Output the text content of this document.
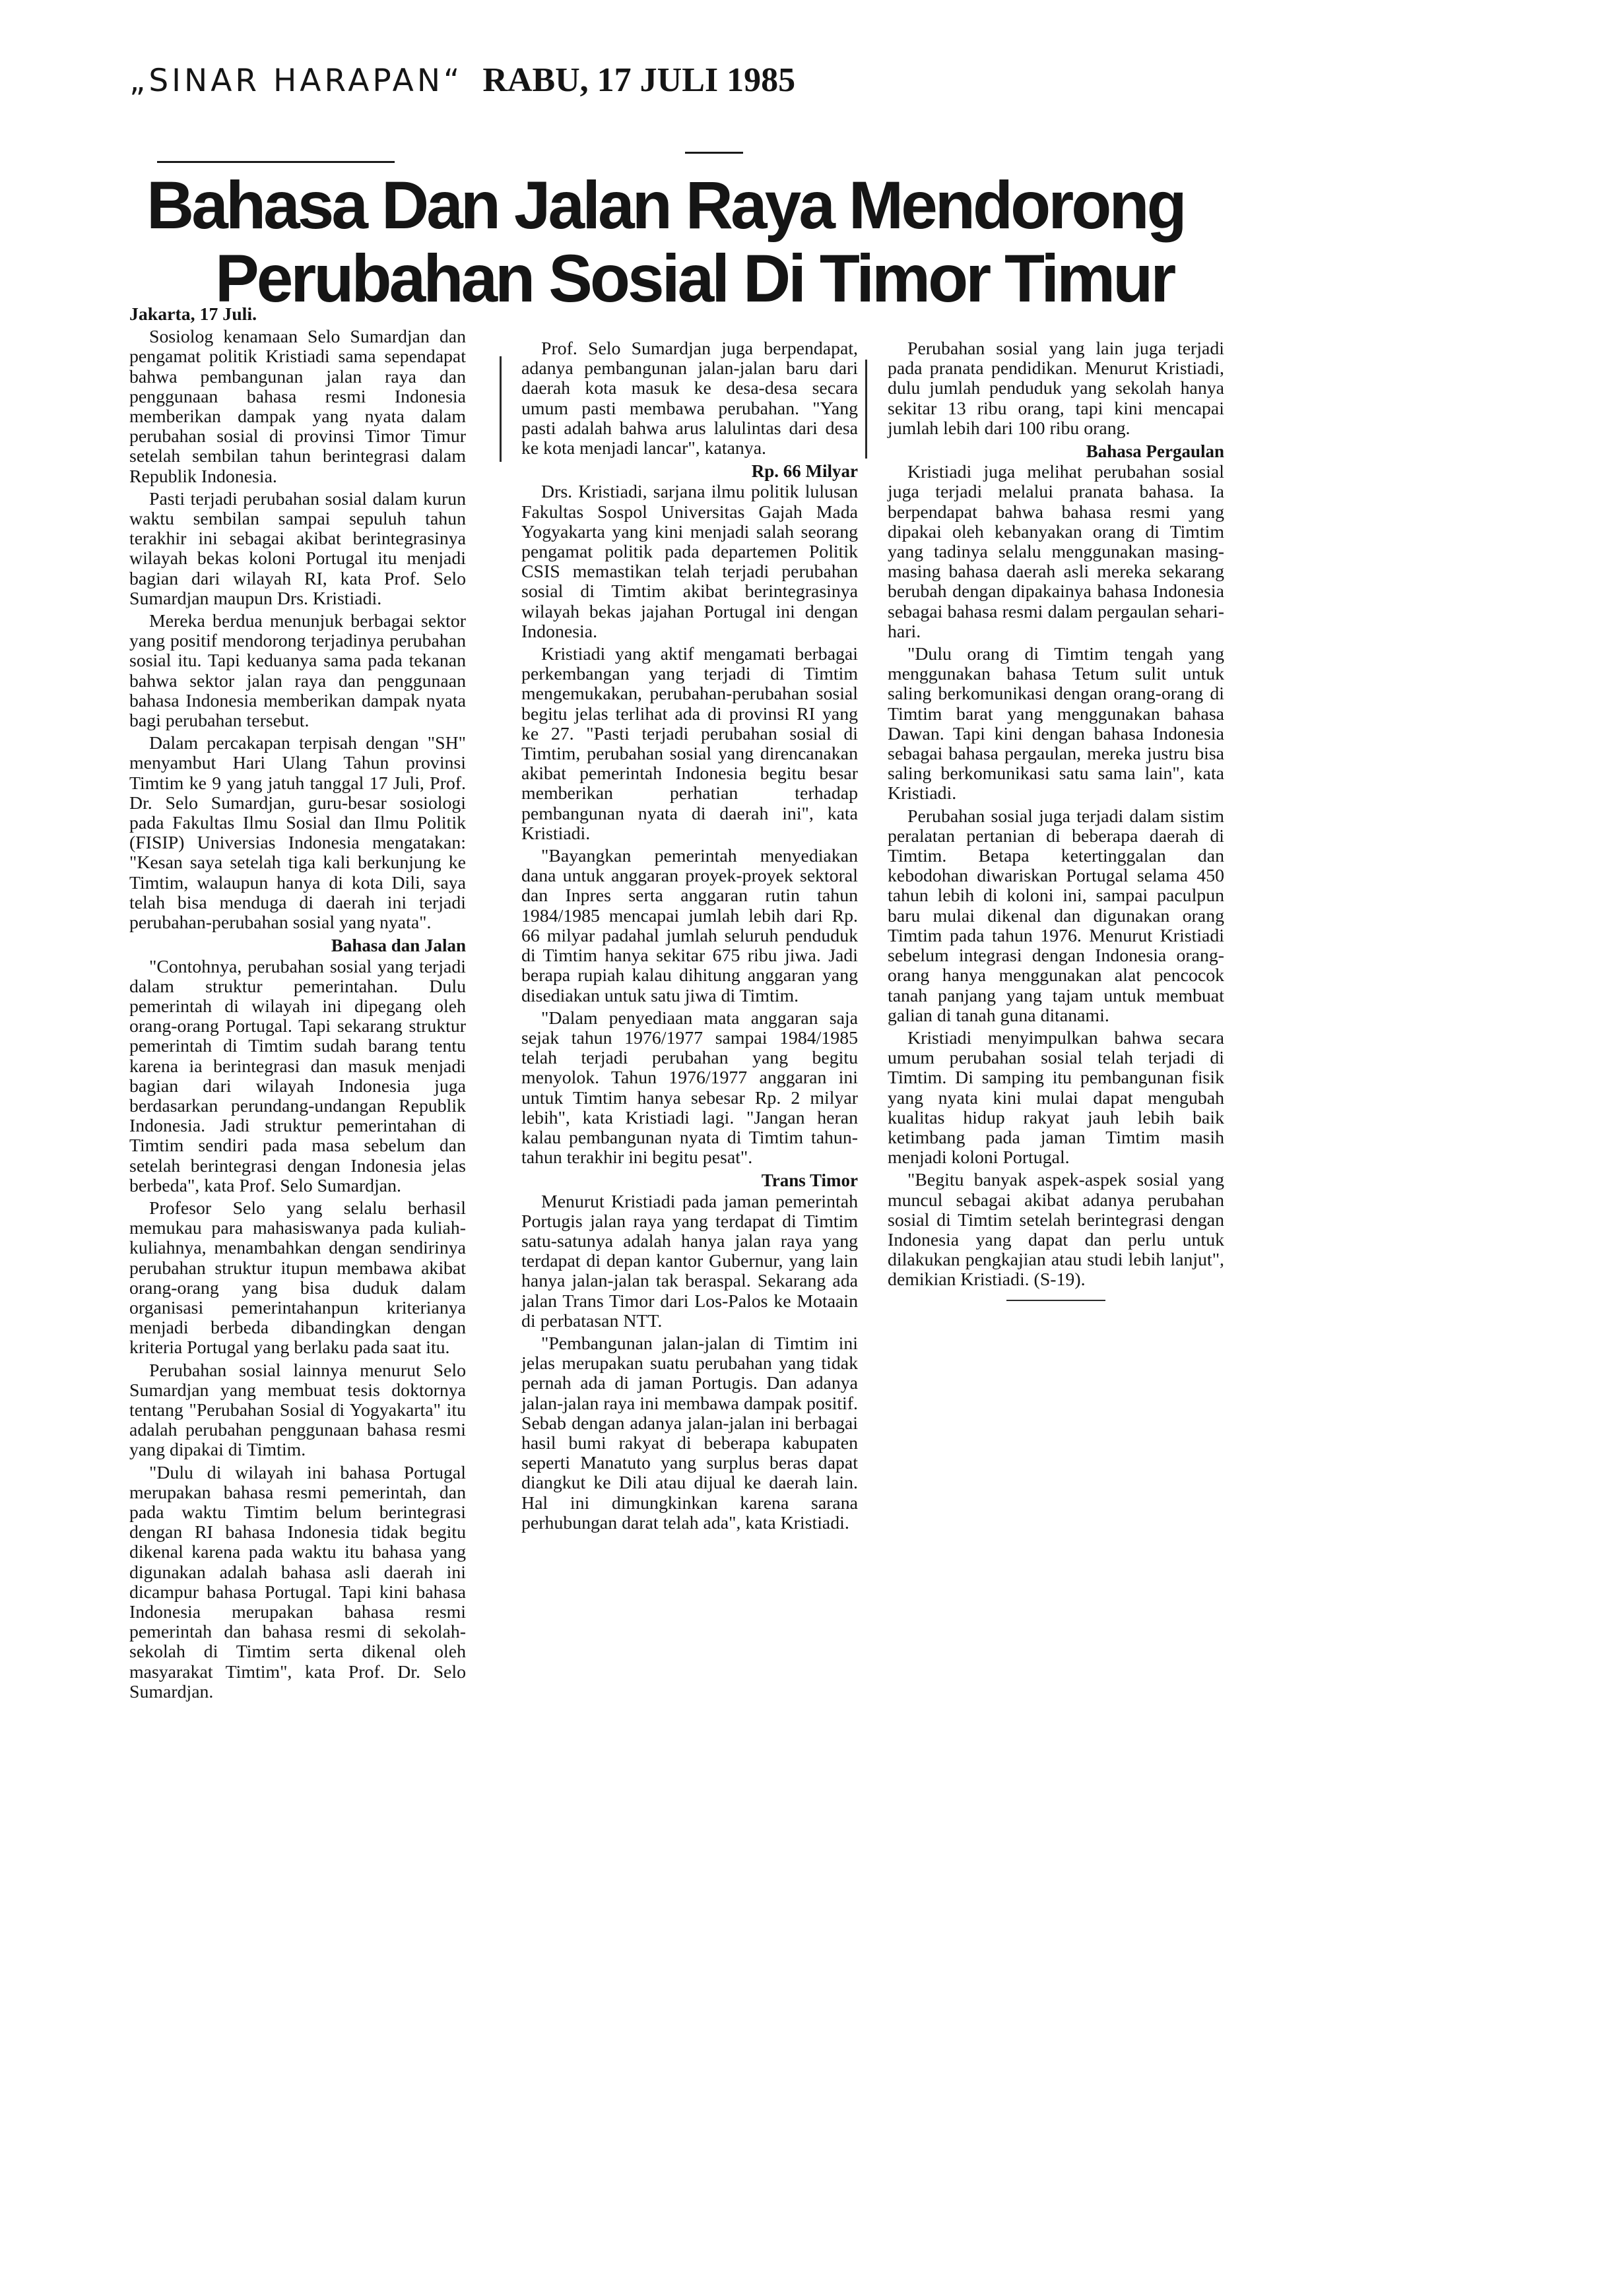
„SINAR HARAPAN“ RABU, 17 JULI 1985
Bahasa Dan Jalan Raya Mendorong
Perubahan Sosial Di Timor Timur

Jakarta, 17 Juli.

Sosiolog kenamaan Selo Sumardjan dan pengamat politik Kristiadi sama sependapat bahwa pembangunan jalan raya dan penggunaan bahasa resmi Indonesia memberikan dampak yang nyata dalam perubahan sosial di provinsi Timor Timur setelah sembilan tahun berintegrasi dalam Republik Indonesia.

Pasti terjadi perubahan sosial dalam kurun waktu sembilan sampai sepuluh tahun terakhir ini sebagai akibat berintegrasinya wilayah bekas koloni Portugal itu menjadi bagian dari wilayah RI, kata Prof. Selo Sumardjan maupun Drs. Kristiadi.

Mereka berdua menunjuk berbagai sektor yang positif mendorong terjadinya perubahan sosial itu. Tapi keduanya sama pada tekanan bahwa sektor jalan raya dan penggunaan bahasa Indonesia memberikan dampak nyata bagi perubahan tersebut.

Dalam percakapan terpisah dengan "SH" menyambut Hari Ulang Tahun provinsi Timtim ke 9 yang jatuh tanggal 17 Juli, Prof. Dr. Selo Sumardjan, guru-besar sosiologi pada Fakultas Ilmu Sosial dan Ilmu Politik (FISIP) Universias Indonesia mengatakan: "Kesan saya setelah tiga kali berkunjung ke Timtim, walaupun hanya di kota Dili, saya telah bisa menduga di daerah ini terjadi perubahan-perubahan sosial yang nyata".

Bahasa dan Jalan

"Contohnya, perubahan sosial yang terjadi dalam struktur pemerintahan. Dulu pemerintah di wilayah ini dipegang oleh orang-orang Portugal. Tapi sekarang struktur pemerintah di Timtim sudah barang tentu karena ia berintegrasi dan masuk menjadi bagian dari wilayah Indonesia juga berdasarkan perundang-undangan Republik Indonesia. Jadi struktur pemerintahan di Timtim sendiri pada masa sebelum dan setelah berintegrasi dengan Indonesia jelas berbeda", kata Prof. Selo Sumardjan.

Profesor Selo yang selalu berhasil memukau para mahasiswanya pada kuliah-kuliahnya, menambahkan dengan sendirinya perubahan struktur itupun membawa akibat orang-orang yang bisa duduk dalam organisasi pemerintahanpun kriterianya menjadi berbeda dibandingkan dengan kriteria Portugal yang berlaku pada saat itu.

Perubahan sosial lainnya menurut Selo Sumardjan yang membuat tesis doktornya tentang "Perubahan Sosial di Yogyakarta" itu adalah perubahan penggunaan bahasa resmi yang dipakai di Timtim.

"Dulu di wilayah ini bahasa Portugal merupakan bahasa resmi pemerintah, dan pada waktu Timtim belum berintegrasi dengan RI bahasa Indonesia tidak begitu dikenal karena pada waktu itu bahasa yang digunakan adalah bahasa asli daerah ini dicampur bahasa Portugal. Tapi kini bahasa Indonesia merupakan bahasa resmi pemerintah dan bahasa resmi di sekolah-sekolah di Timtim serta dikenal oleh masyarakat Timtim", kata Prof. Dr. Selo Sumardjan.

Prof. Selo Sumardjan juga berpendapat, adanya pembangunan jalan-jalan baru dari daerah kota masuk ke desa-desa secara umum pasti membawa perubahan. "Yang pasti adalah bahwa arus lalulintas dari desa ke kota menjadi lancar", katanya.

Rp. 66 Milyar

Drs. Kristiadi, sarjana ilmu politik lulusan Fakultas Sospol Universitas Gajah Mada Yogyakarta yang kini menjadi salah seorang pengamat politik pada departemen Politik CSIS memastikan telah terjadi perubahan sosial di Timtim akibat berintegrasinya wilayah bekas jajahan Portugal ini dengan Indonesia.

Kristiadi yang aktif mengamati berbagai perkembangan yang terjadi di Timtim mengemukakan, perubahan-perubahan sosial begitu jelas terlihat ada di provinsi RI yang ke 27. "Pasti terjadi perubahan sosial di Timtim, perubahan sosial yang direncanakan akibat pemerintah Indonesia begitu besar memberikan perhatian terhadap pembangunan nyata di daerah ini", kata Kristiadi.

"Bayangkan pemerintah menyediakan dana untuk anggaran proyek-proyek sektoral dan Inpres serta anggaran rutin tahun 1984/1985 mencapai jumlah lebih dari Rp. 66 milyar padahal jumlah seluruh penduduk di Timtim hanya sekitar 675 ribu jiwa. Jadi berapa rupiah kalau dihitung anggaran yang disediakan untuk satu jiwa di Timtim.

"Dalam penyediaan mata anggaran saja sejak tahun 1976/1977 sampai 1984/1985 telah terjadi perubahan yang begitu menyolok. Tahun 1976/1977 anggaran ini untuk Timtim hanya sebesar Rp. 2 milyar lebih", kata Kristiadi lagi. "Jangan heran kalau pembangunan nyata di Timtim tahun-tahun terakhir ini begitu pesat".

Trans Timor

Menurut Kristiadi pada jaman pemerintah Portugis jalan raya yang terdapat di Timtim satu-satunya adalah hanya jalan raya yang terdapat di depan kantor Gubernur, yang lain hanya jalan-jalan tak beraspal. Sekarang ada jalan Trans Timor dari Los-Palos ke Motaain di perbatasan NTT.

"Pembangunan jalan-jalan di Timtim ini jelas merupakan suatu perubahan yang tidak pernah ada di jaman Portugis. Dan adanya jalan-jalan raya ini membawa dampak positif. Sebab dengan adanya jalan-jalan ini berbagai hasil bumi rakyat di beberapa kabupaten seperti Manatuto yang surplus beras dapat diangkut ke Dili atau dijual ke daerah lain. Hal ini dimungkinkan karena sarana perhubungan darat telah ada", kata Kristiadi.

Perubahan sosial yang lain juga terjadi pada pranata pendidikan. Menurut Kristiadi, dulu jumlah penduduk yang sekolah hanya sekitar 13 ribu orang, tapi kini mencapai jumlah lebih dari 100 ribu orang.

Bahasa Pergaulan

Kristiadi juga melihat perubahan sosial juga terjadi melalui pranata bahasa. Ia berpendapat bahwa bahasa resmi yang dipakai oleh kebanyakan orang di Timtim yang tadinya selalu menggunakan masing-masing bahasa daerah asli mereka sekarang berubah dengan dipakainya bahasa Indonesia sebagai bahasa resmi dalam pergaulan sehari-hari.

"Dulu orang di Timtim tengah yang menggunakan bahasa Tetum sulit untuk saling berkomunikasi dengan orang-orang di Timtim barat yang menggunakan bahasa Dawan. Tapi kini dengan bahasa Indonesia sebagai bahasa pergaulan, mereka justru bisa saling berkomunikasi satu sama lain", kata Kristiadi.

Perubahan sosial juga terjadi dalam sistim peralatan pertanian di beberapa daerah di Timtim. Betapa ketertinggalan dan kebodohan diwariskan Portugal selama 450 tahun lebih di koloni ini, sampai paculpun baru mulai dikenal dan digunakan orang Timtim pada tahun 1976. Menurut Kristiadi sebelum integrasi dengan Indonesia orang-orang hanya menggunakan alat pencocok tanah panjang yang tajam untuk membuat galian di tanah guna ditanami.

Kristiadi menyimpulkan bahwa secara umum perubahan sosial telah terjadi di Timtim. Di samping itu pembangunan fisik yang nyata kini mulai dapat mengubah kualitas hidup rakyat jauh lebih baik ketimbang pada jaman Timtim masih menjadi koloni Portugal.

"Begitu banyak aspek-aspek sosial yang muncul sebagai akibat adanya perubahan sosial di Timtim setelah berintegrasi dengan Indonesia yang dapat dan perlu untuk dilakukan pengkajian atau studi lebih lanjut", demikian Kristiadi. (S-19).
